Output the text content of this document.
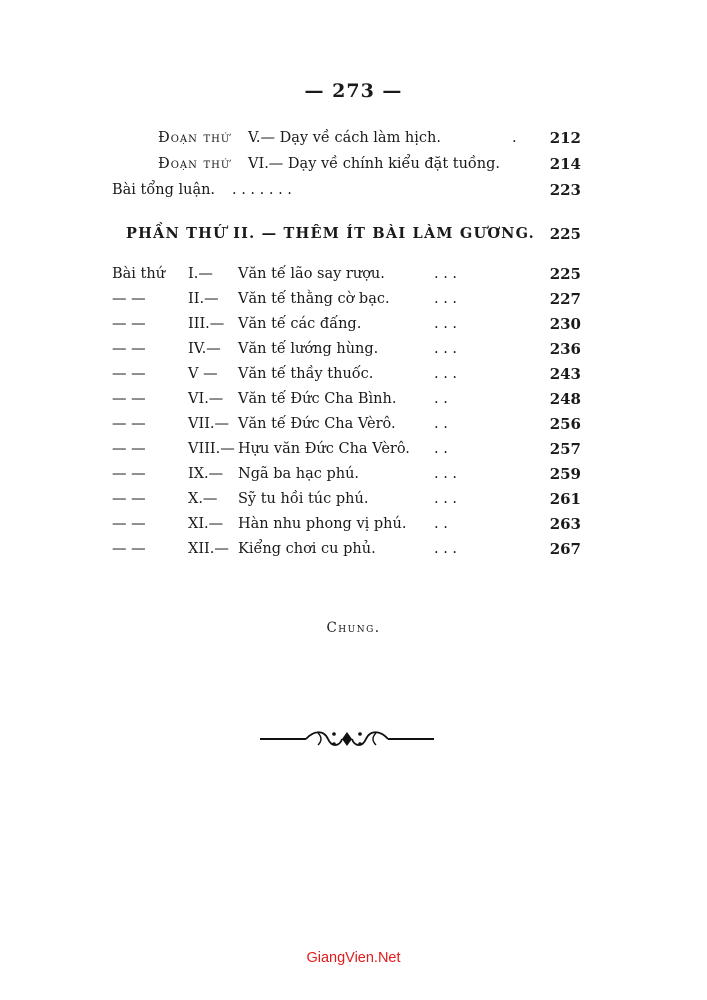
— 273 —
Đoạn thứ V.— Dạy về cách làm hịch.	.	212
Đoạn thứ VI.— Dạy về chính kiểu đặt tuồng.	214
Bài tổng luận. . . . . . . .	223
PHẦN THỨ II. — THÊM ÍT BÀI LÀM GƯƠNG. 225
Bài thứ I.— Văn tế lão say rượu.	. . .	225
— —	II.— Văn tế thằng cờ bạc.	. . .	227
— —	III.— Văn tế các đấng.	. . .	230
— —	IV.— Văn tế lướng hùng.	. . .	236
— —	V — Văn tế thầy thuốc.	. . .	243
— —	VI.— Văn tế Đức Cha Bình.	. .	248
— —	VII.— Văn tế Đức Cha Vèrô.	. .	256
— —	VIII.— Hựu văn Đức Cha Vèrô. . .	257
— —	IX.— Ngã ba hạc phú.	. . .	259
— —	X.— Sỹ tu hồi túc phú.	. . .	261
— —	XI.— Hàn nhu phong vị phú. . .	263
— —	XII.— Kiểng chơi cu phủ.	. . .	267
Chung.
GiangVien.Net
